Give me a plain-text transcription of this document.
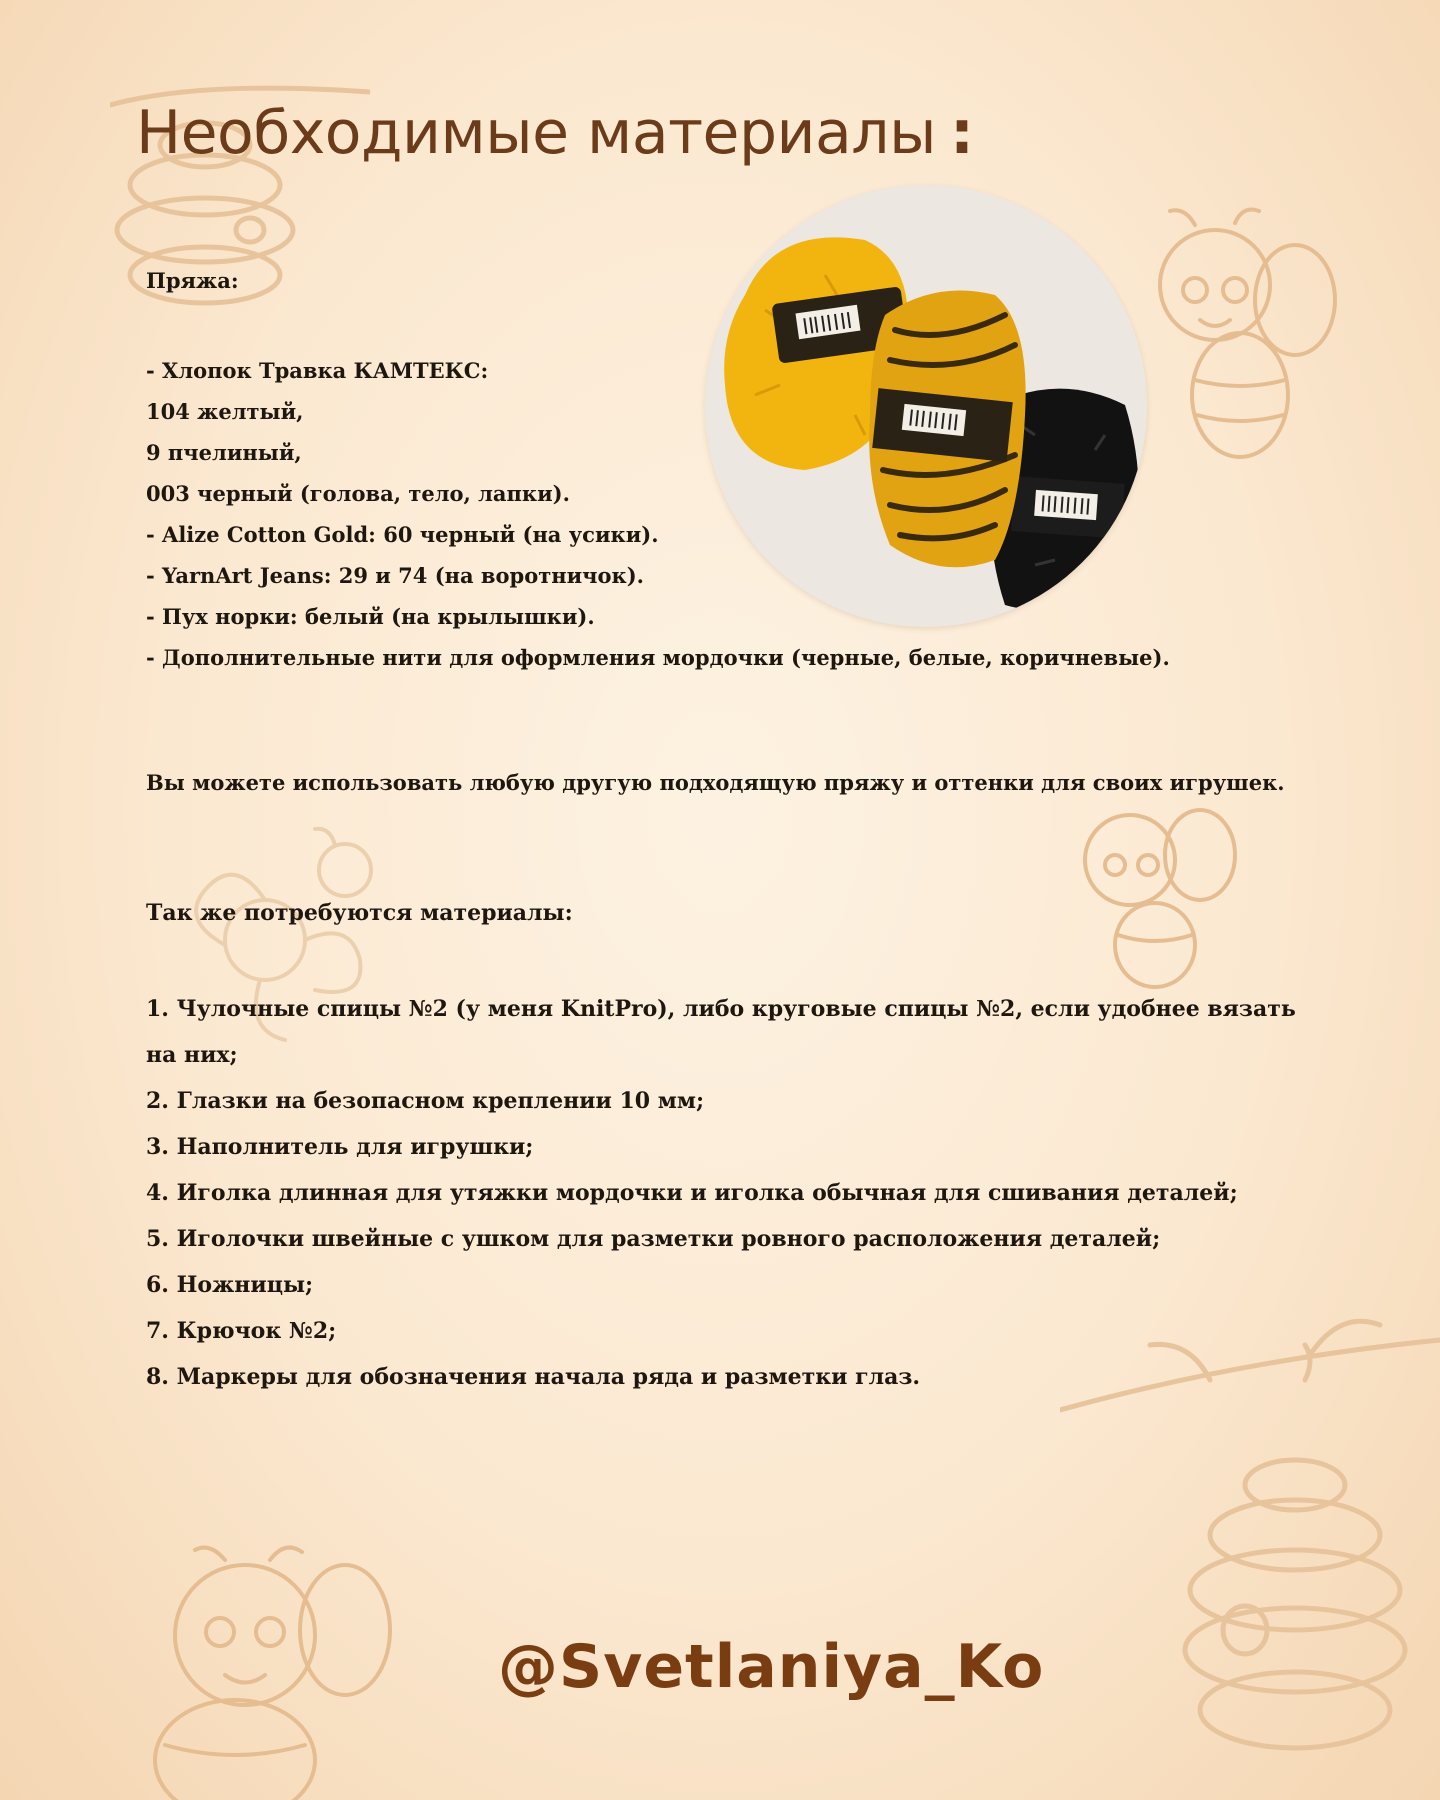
Необходимые материалы :
Пряжа:
- Хлопок Травка КАМТЕКС:
104 желтый,
9 пчелиный,
003 черный (голова, тело, лапки).
- Alize Cotton Gold: 60 черный (на усики).
- YarnArt Jeans: 29 и 74 (на воротничок).
- Пух норки: белый (на крылышки).
- Дополнительные нити для оформления мордочки (черные, белые, коричневые).
Вы можете использовать любую другую подходящую пряжу и оттенки для своих игрушек.
Так же потребуются материалы:
1. Чулочные спицы №2 (у меня KnitPro), либо круговые спицы №2, если удобнее вязать на них;
2. Глазки на безопасном креплении 10 мм;
3. Наполнитель для игрушки;
4. Иголка длинная для утяжки мордочки и иголка обычная для сшивания деталей;
5. Иголочки швейные с ушком для разметки ровного расположения деталей;
6. Ножницы;
7. Крючок №2;
8. Маркеры для обозначения начала ряда и разметки глаз.
@Svetlaniya_Ko
